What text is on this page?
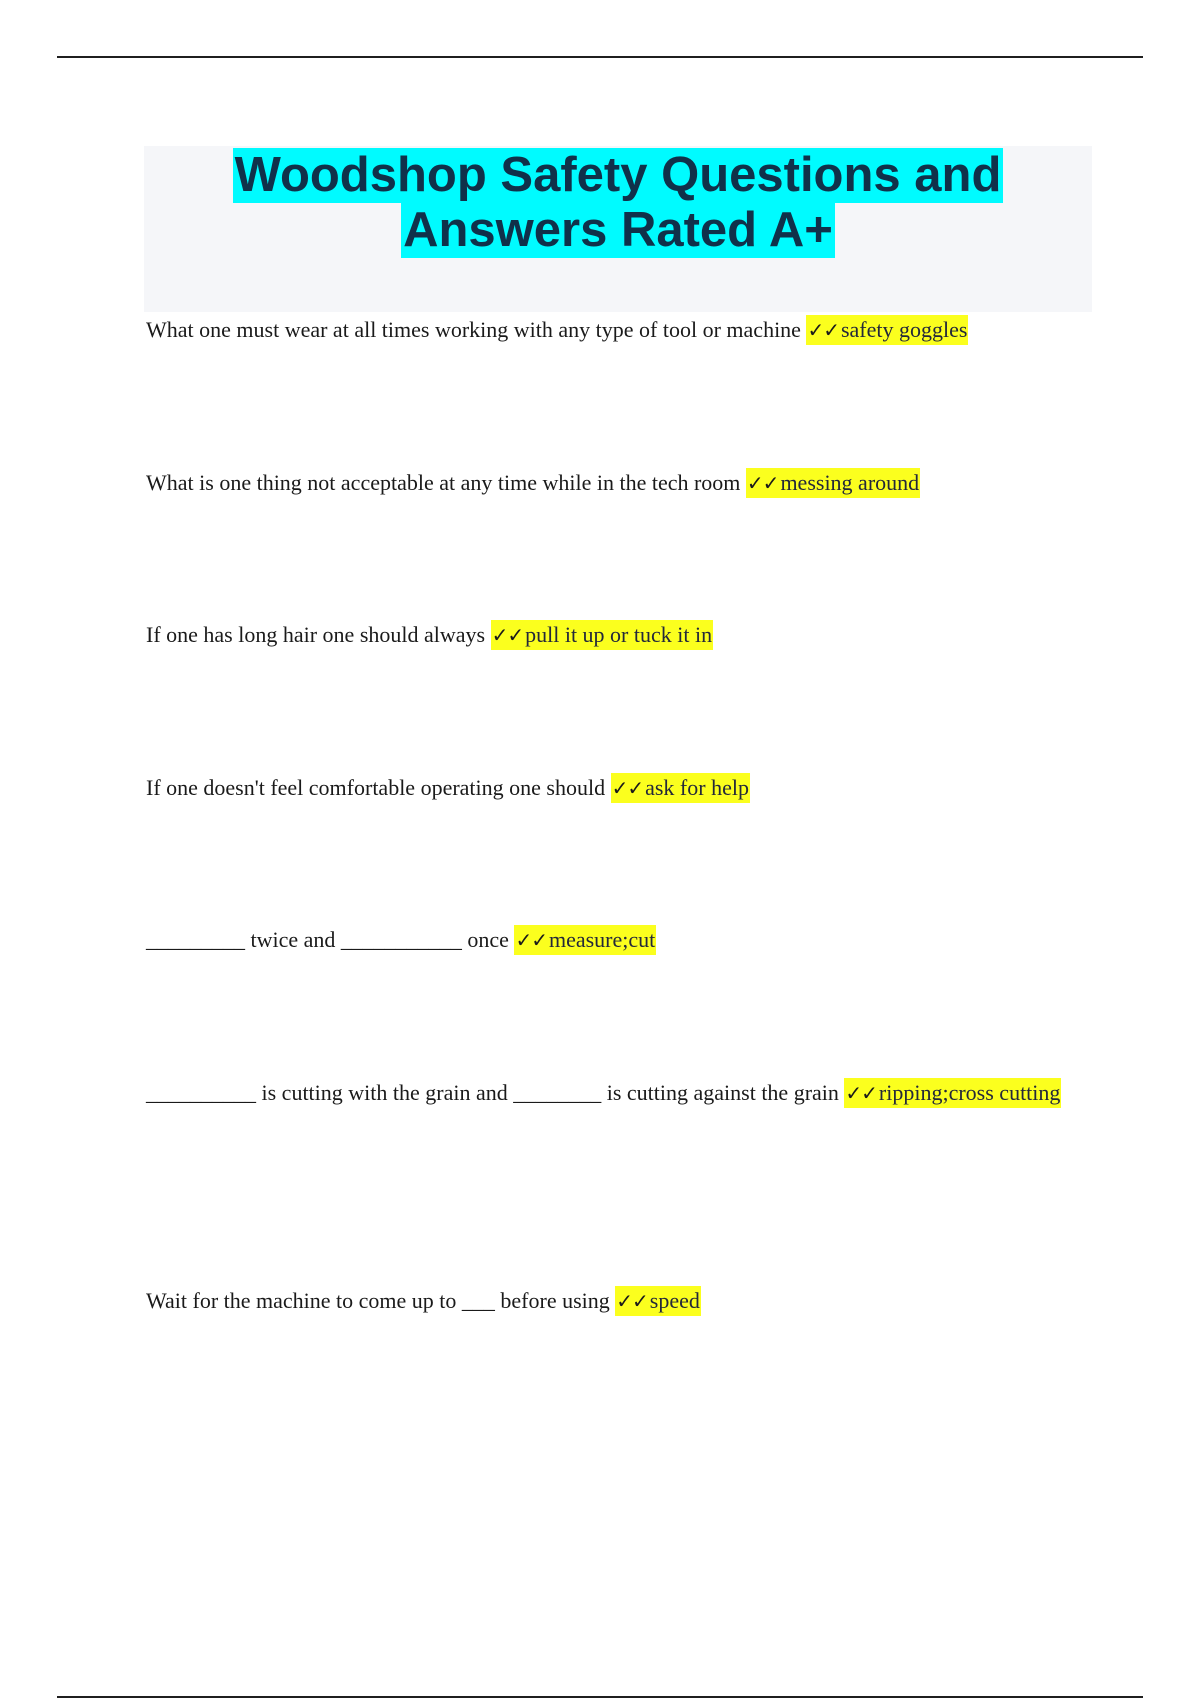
Woodshop Safety Questions and
Answers Rated A+
What one must wear at all times working with any type of tool or machine ✓✓safety goggles
What is one thing not acceptable at any time while in the tech room ✓✓messing around
If one has long hair one should always ✓✓pull it up or tuck it in
If one doesn't feel comfortable operating one should ✓✓ask for help
_________ twice and ___________ once ✓✓measure;cut
__________ is cutting with the grain and ________ is cutting against the grain ✓✓ripping;cross cutting
Wait for the machine to come up to ___ before using ✓✓speed
